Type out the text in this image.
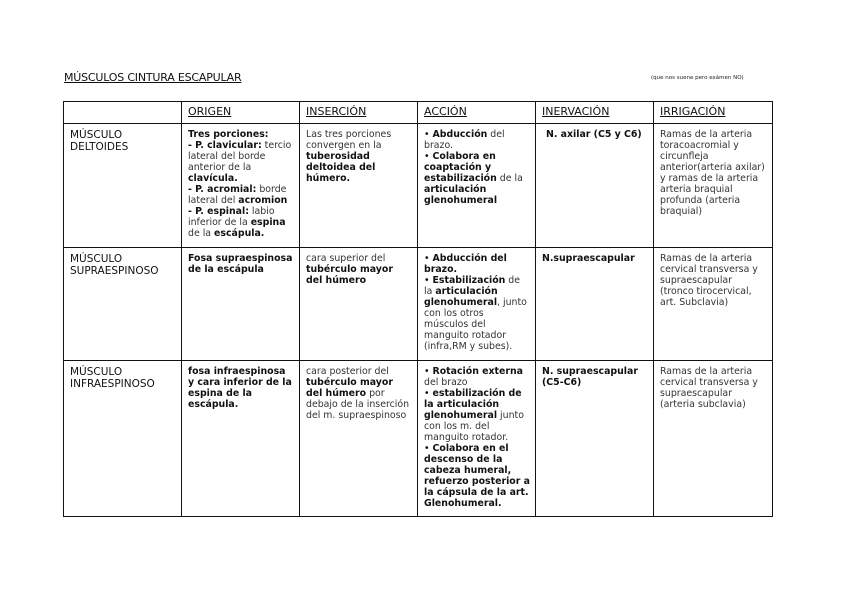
MÚSCULOS CINTURA ESCAPULAR	(que nos suene pero exámen NO)
	ORIGEN	INSERCIÓN	ACCIÓN	INERVACIÓN	IRRIGACIÓN

MÚSCULO
DELTOIDES	Tres porciones:
- P. clavicular: tercio lateral del borde anterior de la clavícula.
- P. acromial: borde lateral del acromion
- P. espinal: labio inferior de la espina de la escápula.	Las tres porciones convergen en la tuberosidad deltoidea del húmero.	• Abducción del brazo.
• Colabora en coaptación y estabilización de la articulación glenohumeral	N. axilar (C5 y C6)	Ramas de la arteria toracoacromial y circunfleja anterior(arteria axilar) y ramas de la arteria arteria braquial profunda (arteria braquial)

MÚSCULO
SUPRAESPINOSO	Fosa supraespinosa de la escápula	cara superior del tubérculo mayor del húmero	• Abducción del brazo.
• Estabilización de la articulación glenohumeral, junto con los otros músculos del manguito rotador (infra,RM y subes).	N.supraescapular	Ramas de la arteria cervical transversa y supraescapular (tronco tirocervical, art. Subclavia)

MÚSCULO
INFRAESPINOSO	fosa infraespinosa y cara inferior de la espina de la escápula.	cara posterior del tubérculo mayor del húmero por debajo de la inserción del m. supraespinoso	• Rotación externa del brazo
• estabilización de la articulación glenohumeral junto con los m. del manguito rotador.
• Colabora en el descenso de la cabeza humeral, refuerzo posterior a la cápsula de la art. Glenohumeral.	N. supraescapular (C5-C6)	Ramas de la arteria cervical transversa y supraescapular (arteria subclavia)
